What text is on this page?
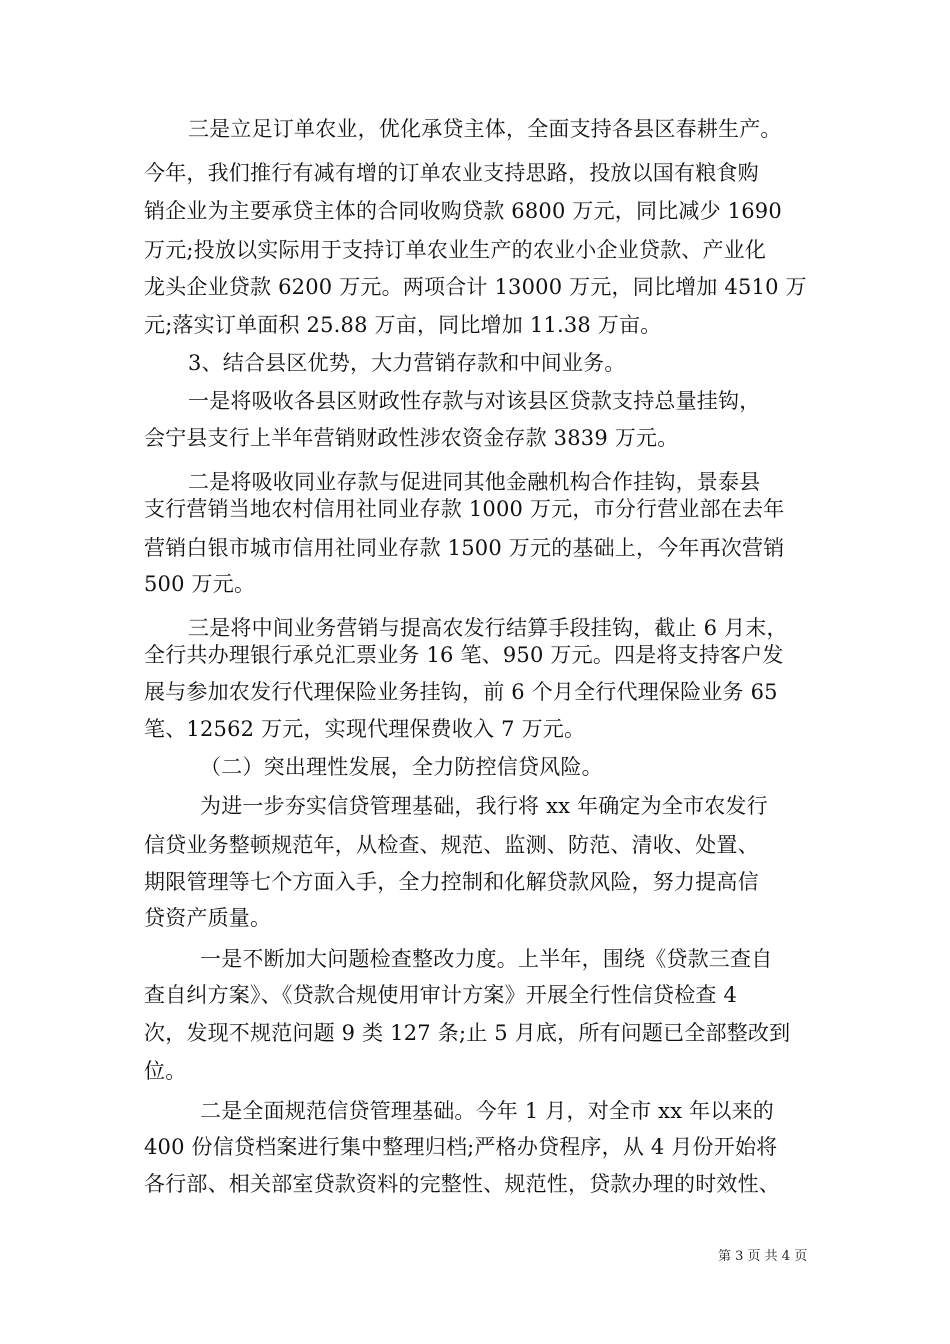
三是立足订单农业，优化承贷主体，全面支持各县区春耕生产。
今年，我们推行有减有增的订单农业支持思路，投放以国有粮食购
销企业为主要承贷主体的合同收购贷款 6800 万元，同比减少 1690
万元;投放以实际用于支持订单农业生产的农业小企业贷款、产业化
龙头企业贷款 6200 万元。两项合计 13000 万元，同比增加 4510 万
元;落实订单面积 25.88 万亩，同比增加 11.38 万亩。
3、结合县区优势，大力营销存款和中间业务。
一是将吸收各县区财政性存款与对该县区贷款支持总量挂钩，
会宁县支行上半年营销财政性涉农资金存款 3839 万元。
二是将吸收同业存款与促进同其他金融机构合作挂钩，景泰县
支行营销当地农村信用社同业存款 1000 万元，市分行营业部在去年
营销白银市城市信用社同业存款 1500 万元的基础上，今年再次营销
500 万元。
三是将中间业务营销与提高农发行结算手段挂钩，截止 6 月末，
全行共办理银行承兑汇票业务 16 笔、950 万元。四是将支持客户发
展与参加农发行代理保险业务挂钩，前 6 个月全行代理保险业务 65
笔、12562 万元，实现代理保费收入 7 万元。
（二）突出理性发展，全力防控信贷风险。
为进一步夯实信贷管理基础，我行将 xx 年确定为全市农发行
信贷业务整顿规范年，从检查、规范、监测、防范、清收、处置、
期限管理等七个方面入手，全力控制和化解贷款风险，努力提高信
贷资产质量。
一是不断加大问题检查整改力度。上半年，围绕《贷款三查自
查自纠方案》、《贷款合规使用审计方案》开展全行性信贷检查 4
次，发现不规范问题 9 类 127 条;止 5 月底，所有问题已全部整改到
位。
二是全面规范信贷管理基础。今年 1 月，对全市 xx 年以来的
400 份信贷档案进行集中整理归档;严格办贷程序，从 4 月份开始将
各行部、相关部室贷款资料的完整性、规范性，贷款办理的时效性、
第 3 页 共 4 页
